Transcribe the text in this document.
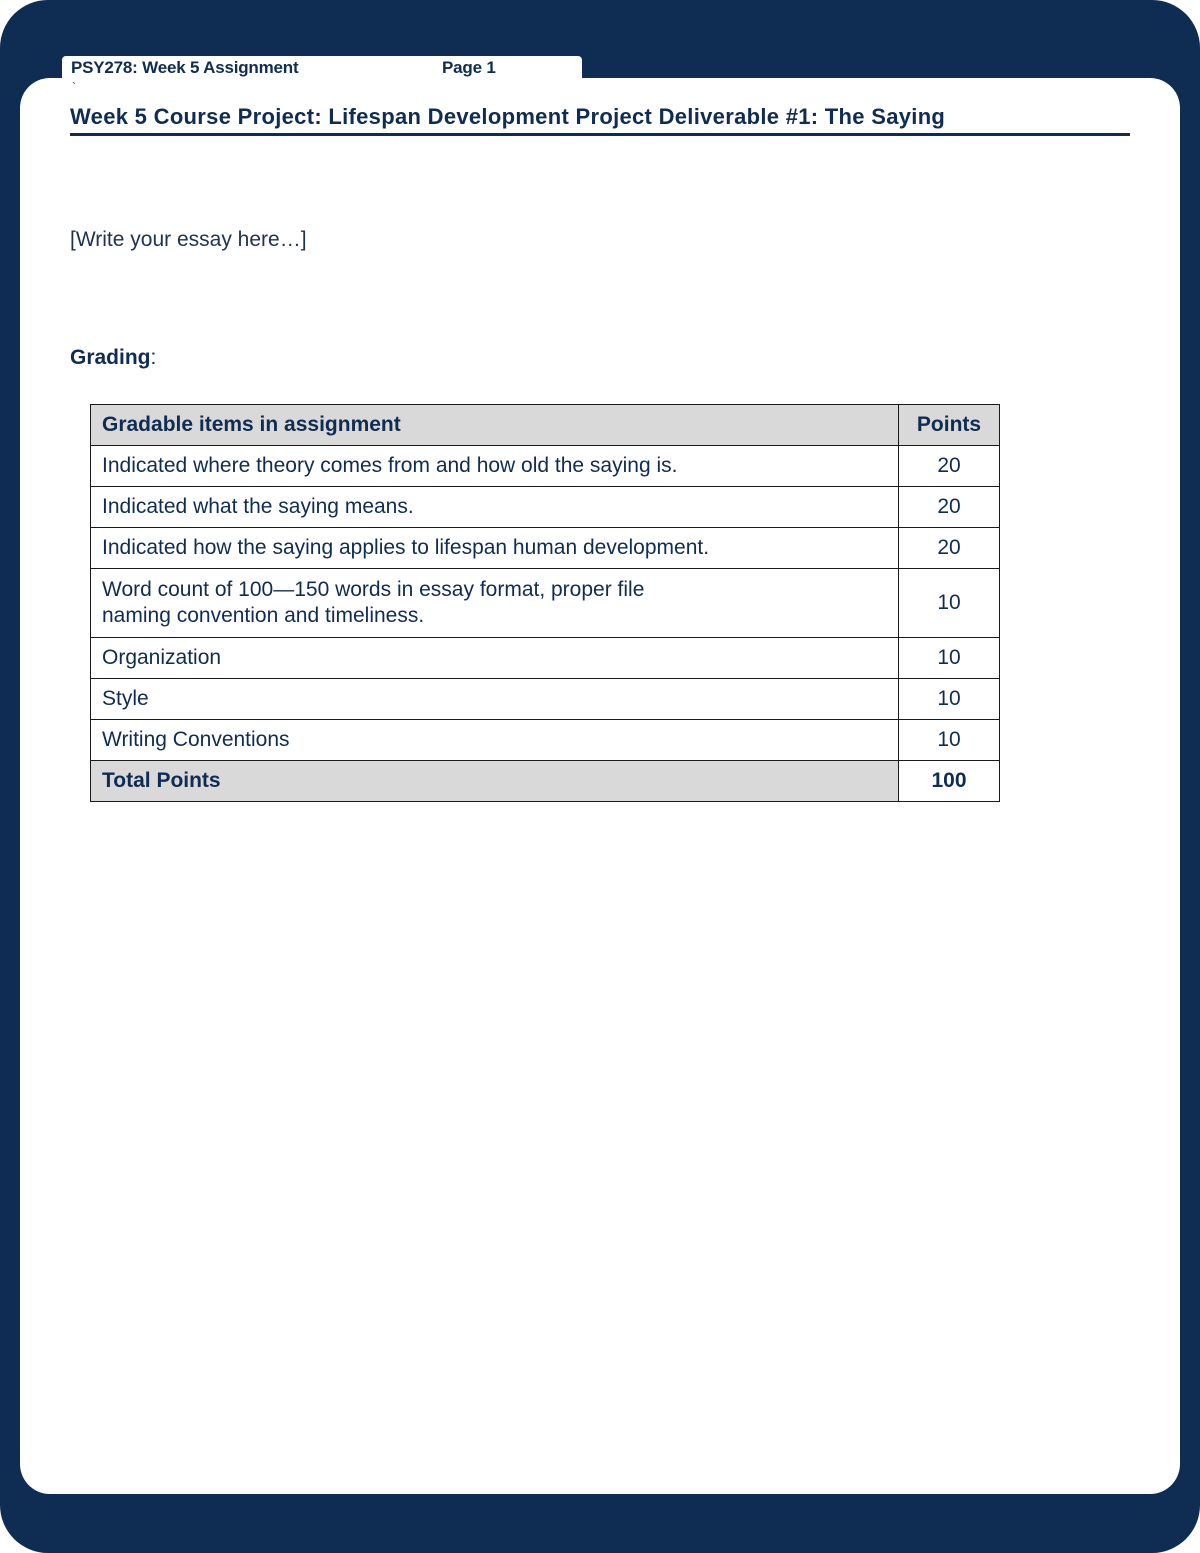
PSY278: Week 5 Assignment	Page 1
`
Week 5 Course Project: Lifespan Development Project Deliverable #1: The Saying
[Write your essay here…]
Grading:
Gradable items in assignment	Points
Indicated where theory comes from and how old the saying is.	20
Indicated what the saying means.	20
Indicated how the saying applies to lifespan human development.	20
Word count of 100—150 words in essay format, proper file naming convention and timeliness.	10
Organization	10
Style	10
Writing Conventions	10
Total Points	100
